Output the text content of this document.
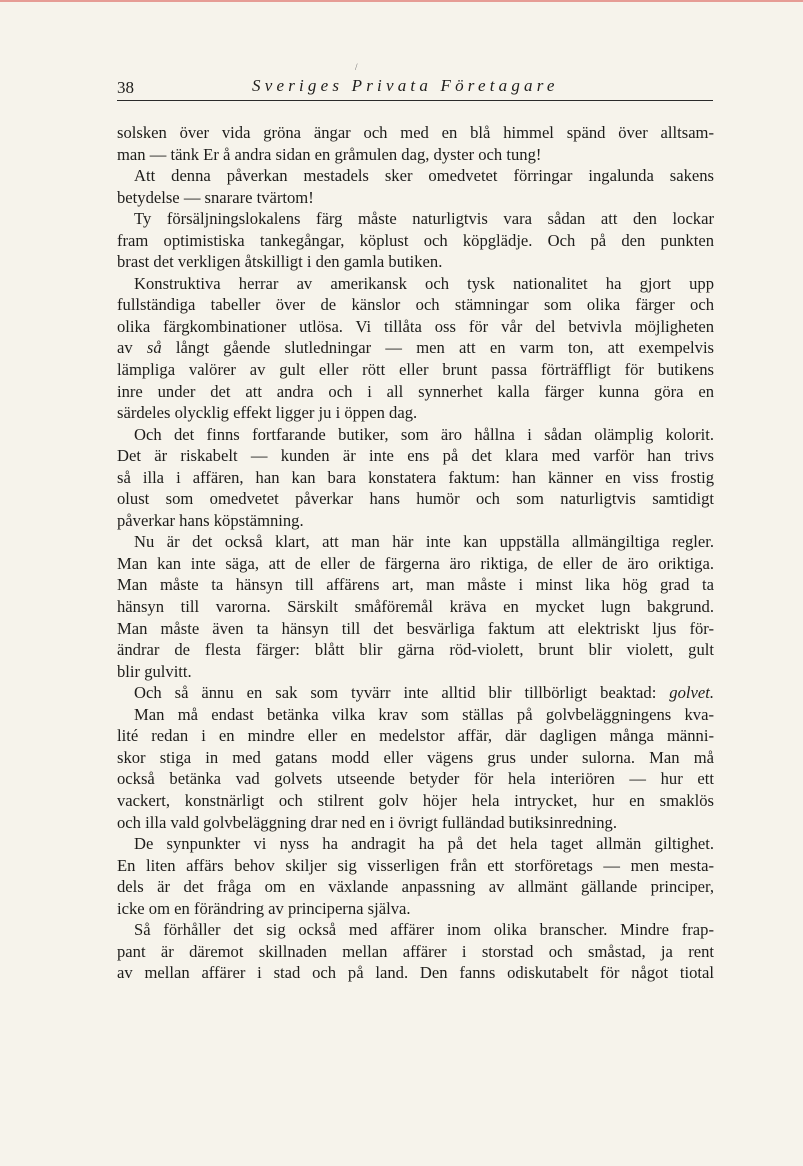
/
38	Sveriges Privata Företagare
solsken över vida gröna ängar och med en blå himmel spänd över alltsam-
man — tänk Er å andra sidan en gråmulen dag, dyster och tung!
Att denna påverkan mestadels sker omedvetet förringar ingalunda sakens
betydelse — snarare tvärtom!
Ty försäljningslokalens färg måste naturligtvis vara sådan att den lockar
fram optimistiska tankegångar, köplust och köpglädje. Och på den punkten
brast det verkligen åtskilligt i den gamla butiken.
Konstruktiva herrar av amerikansk och tysk nationalitet ha gjort upp
fullständiga tabeller över de känslor och stämningar som olika färger och
olika färgkombinationer utlösa. Vi tillåta oss för vår del betvivla möjligheten
av så långt gående slutledningar — men att en varm ton, att exempelvis
lämpliga valörer av gult eller rött eller brunt passa förträffligt för butikens
inre under det att andra och i all synnerhet kalla färger kunna göra en
särdeles olycklig effekt ligger ju i öppen dag.
Och det finns fortfarande butiker, som äro hållna i sådan olämplig kolorit.
Det är riskabelt — kunden är inte ens på det klara med varför han trivs
så illa i affären, han kan bara konstatera faktum: han känner en viss frostig
olust som omedvetet påverkar hans humör och som naturligtvis samtidigt
påverkar hans köpstämning.
Nu är det också klart, att man här inte kan uppställa allmängiltiga regler.
Man kan inte säga, att de eller de färgerna äro riktiga, de eller de äro oriktiga.
Man måste ta hänsyn till affärens art, man måste i minst lika hög grad ta
hänsyn till varorna. Särskilt småföremål kräva en mycket lugn bakgrund.
Man måste även ta hänsyn till det besvärliga faktum att elektriskt ljus för-
ändrar de flesta färger: blått blir gärna röd-violett, brunt blir violett, gult
blir gulvitt.
Och så ännu en sak som tyvärr inte alltid blir tillbörligt beaktad: golvet.
Man må endast betänka vilka krav som ställas på golvbeläggningens kva-
lité redan i en mindre eller en medelstor affär, där dagligen många männi-
skor stiga in med gatans modd eller vägens grus under sulorna. Man må
också betänka vad golvets utseende betyder för hela interiören — hur ett
vackert, konstnärligt och stilrent golv höjer hela intrycket, hur en smaklös
och illa vald golvbeläggning drar ned en i övrigt fulländad butiksinredning.
De synpunkter vi nyss ha andragit ha på det hela taget allmän giltighet.
En liten affärs behov skiljer sig visserligen från ett storföretags — men mesta-
dels är det fråga om en växlande anpassning av allmänt gällande principer,
icke om en förändring av principerna själva.
Så förhåller det sig också med affärer inom olika branscher. Mindre frap-
pant är däremot skillnaden mellan affärer i storstad och småstad, ja rent
av mellan affärer i stad och på land. Den fanns odiskutabelt för något tiotal
